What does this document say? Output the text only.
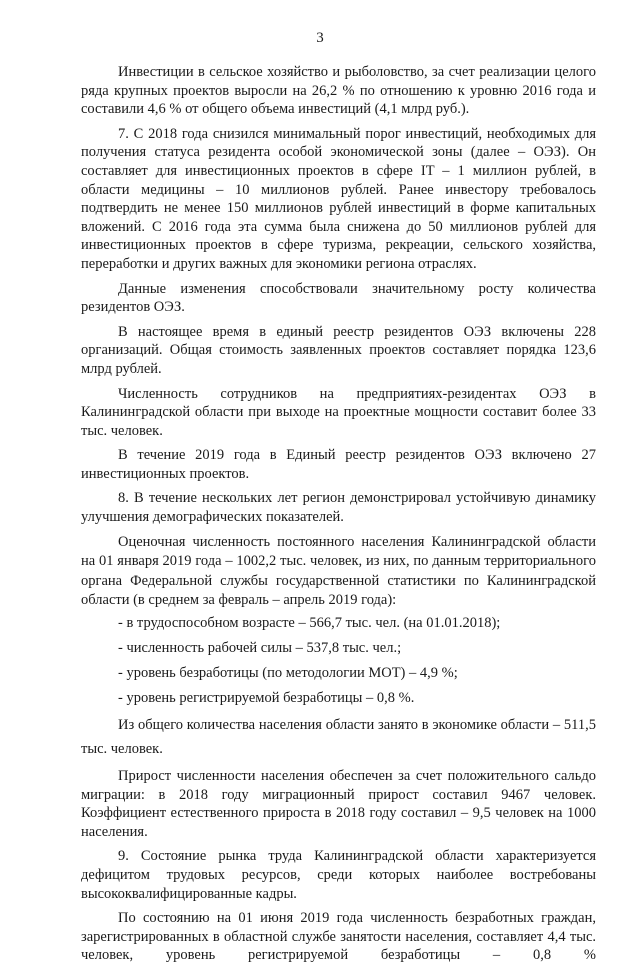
3

Инвестиции в сельское хозяйство и рыболовство, за счет реализации целого ряда крупных проектов выросли на 26,2 % по отношению к уровню 2016 года и составили 4,6 % от общего объема инвестиций (4,1 млрд руб.).

7. С 2018 года снизился минимальный порог инвестиций, необходимых для получения статуса резидента особой экономической зоны (далее – ОЭЗ). Он составляет для инвестиционных проектов в сфере IT – 1 миллион рублей, в области медицины – 10 миллионов рублей. Ранее инвестору требовалось подтвердить не менее 150 миллионов рублей инвестиций в форме капитальных вложений. С 2016 года эта сумма была снижена до 50 миллионов рублей для инвестиционных проектов в сфере туризма, рекреации, сельского хозяйства, переработки и других важных для экономики региона отраслях.

Данные изменения способствовали значительному росту количества резидентов ОЭЗ.

В настоящее время в единый реестр резидентов ОЭЗ включены 228 организаций. Общая стоимость заявленных проектов составляет порядка 123,6 млрд рублей.

Численность сотрудников на предприятиях-резидентах ОЭЗ в Калининградской области при выходе на проектные мощности составит более 33 тыс. человек.

В течение 2019 года в Единый реестр резидентов ОЭЗ включено 27 инвестиционных проектов.

8. В течение нескольких лет регион демонстрировал устойчивую динамику улучшения демографических показателей.

Оценочная численность постоянного населения Калининградской области на 01 января 2019 года – 1002,2 тыс. человек, из них, по данным территориального органа Федеральной службы государственной статистики по Калининградской области (в среднем за февраль – апрель 2019 года):

- в трудоспособном возрасте – 566,7 тыс. чел. (на 01.01.2018);

- численность рабочей силы – 537,8 тыс. чел.;

- уровень безработицы (по методологии МОТ) – 4,9 %;

- уровень регистрируемой безработицы – 0,8 %.

Из общего количества населения области занято в экономике области – 511,5 тыс. человек.

Прирост численности населения обеспечен за счет положительного сальдо миграции: в 2018 году миграционный прирост составил 9467 человек. Коэффициент естественного прироста в 2018 году составил – 9,5 человек на 1000 населения.

9. Состояние рынка труда Калининградской области характеризуется дефицитом трудовых ресурсов, среди которых наиболее востребованы высококвалифицированные кадры.

По состоянию на 01 июня 2019 года численность безработных граждан, зарегистрированных в областной службе занятости населения, составляет 4,4 тыс. человек, уровень регистрируемой безработицы – 0,8 %
